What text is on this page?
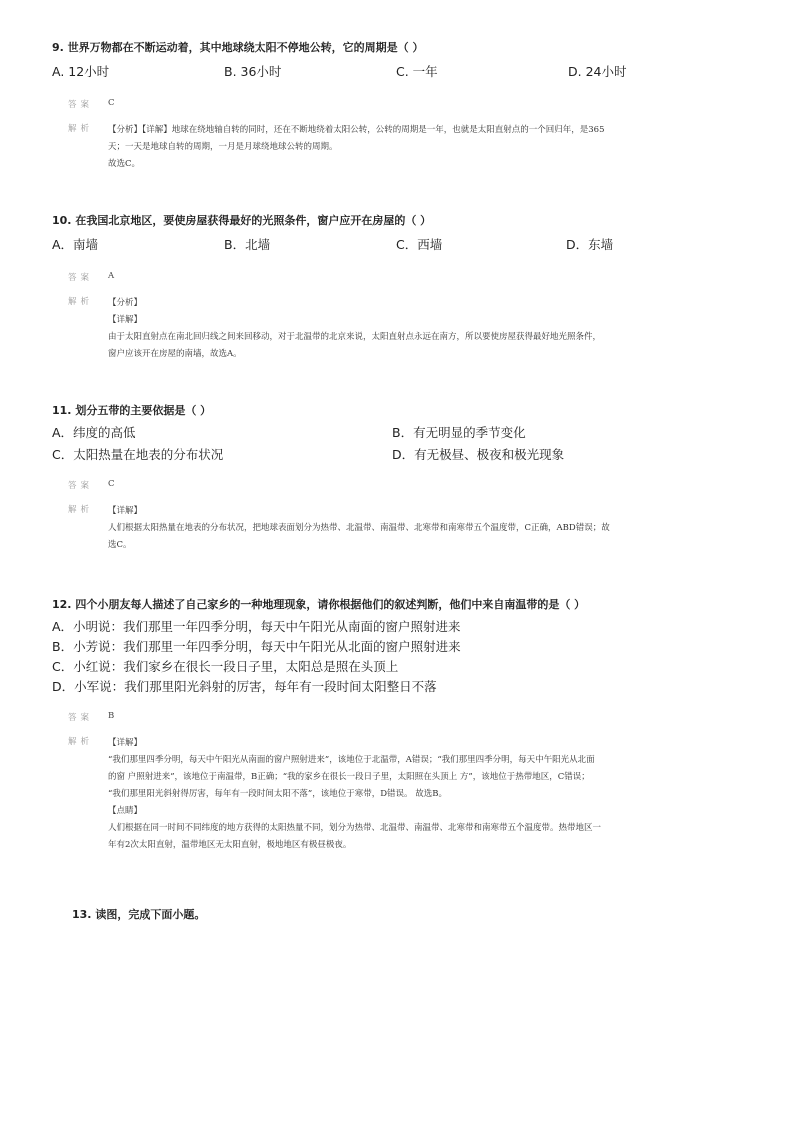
9. 世界万物都在不断运动着，其中地球绕太阳不停地公转，它的周期是（ ）
A. 12小时	B. 36小时	C. 一年	D. 24小时
答案	C
解析	【分析】【详解】地球在绕地轴自转的同时，还在不断地绕着太阳公转，公转的周期是一年，也就是太阳直射点的一个回归年，是365

天；一天是地球自转的周期，一月是月球绕地球公转的周期。

故选C。

10. 在我国北京地区，要使房屋获得最好的光照条件，窗户应开在房屋的（ ）
A．南墙	B．北墙	C．西墙	D．东墙
答案	A
解析	【分析】

【详解】

由于太阳直射点在南北回归线之间来回移动，对于北温带的北京来说，太阳直射点永远在南方，所以要使房屋获得最好地光照条件，

窗户应该开在房屋的南墙，故选A。

11. 划分五带的主要依据是（ ）
A．纬度的高低	B．有无明显的季节变化
C．太阳热量在地表的分布状况	D．有无极昼、极夜和极光现象
答案	C
解析	【详解】

人们根据太阳热量在地表的分布状况，把地球表面划分为热带、北温带、南温带、北寒带和南寒带五个温度带，C正确，ABD错误；故

选C。

12. 四个小朋友每人描述了自己家乡的一种地理现象，请你根据他们的叙述判断，他们中来自南温带的是（ ）
A．小明说：我们那里一年四季分明，每天中午阳光从南面的窗户照射进来
B．小芳说：我们那里一年四季分明，每天中午阳光从北面的窗户照射进来
C．小红说：我们家乡在很长一段日子里，太阳总是照在头顶上
D．小军说：我们那里阳光斜射的厉害，每年有一段时间太阳整日不落
答案	B
解析	【详解】

“我们那里四季分明，每天中午阳光从南面的窗户照射进来”，该地位于北温带，A错误；“我们那里四季分明，每天中午阳光从北面

的窗 户照射进来”，该地位于南温带，B正确；“我的家乡在很长一段日子里，太阳照在头顶上 方”，该地位于热带地区，C错误；

“我们那里阳光斜射得厉害，每年有一段时间太阳不落”，该地位于寒带，D错误。 故选B。

【点睛】

人们根据在同一时间不同纬度的地方获得的太阳热量不同，划分为热带、北温带、南温带、北寒带和南寒带五个温度带。热带地区一

年有2次太阳直射，温带地区无太阳直射，极地地区有极昼极夜。

13. 读图，完成下面小题。
